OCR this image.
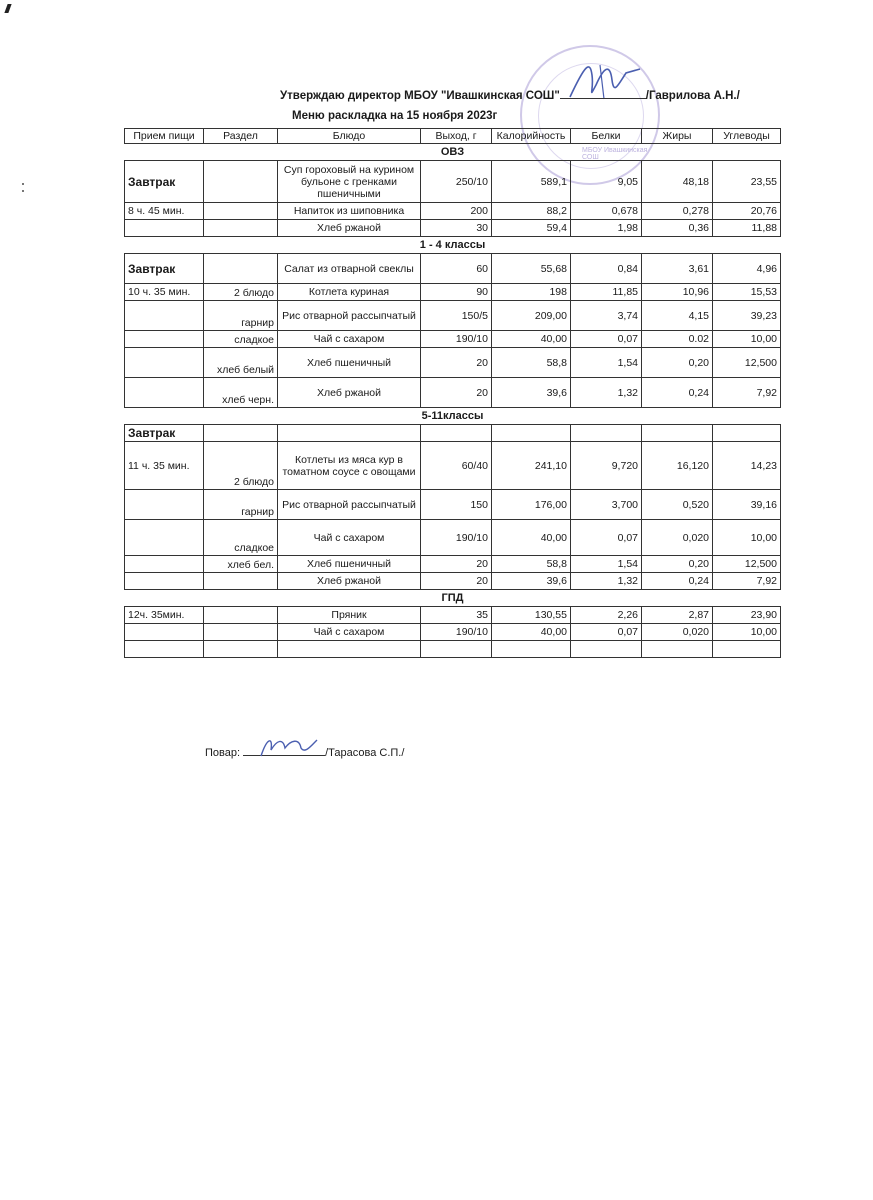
МБОУ Ивашкинская СОШ
Утверждаю директор МБОУ "Ивашкинская СОШ"	/Гаврилова А.Н./
Меню раскладка на 15 ноября 2023г
Прием пищи	Раздел	Блюдо	Выход, г	Калорийность	Белки	Жиры	Углеводы
ОВЗ							
Завтрак		Суп гороховый на курином бульоне с гренками пшеничными	250/10	589,1	9,05	48,18	23,55
8 ч. 45 мин.		Напиток из шиповника	200	88,2	0,678	0,278	20,76
		Хлеб ржаной	30	59,4	1,98	0,36	11,88
1 - 4 классы							
Завтрак		Салат из отварной свеклы	60	55,68	0,84	3,61	4,96
10 ч. 35 мин.	2 блюдо	Котлета куриная	90	198	11,85	10,96	15,53
	гарнир	Рис отварной рассыпчатый	150/5	209,00	3,74	4,15	39,23
	сладкое	Чай с сахаром	190/10	40,00	0,07	0.02	10,00
	хлеб белый	Хлеб пшеничный	20	58,8	1,54	0,20	12,500
	хлеб черн.	Хлеб ржаной	20	39,6	1,32	0,24	7,92
5-11классы							
Завтрак							
11 ч. 35 мин.	2 блюдо	Котлеты из мяса кур в томатном соусе с овощами	60/40	241,10	9,720	16,120	14,23
	гарнир	Рис отварной рассыпчатый	150	176,00	3,700	0,520	39,16
	сладкое	Чай с сахаром	190/10	40,00	0,07	0,020	10,00
	хлеб бел.	Хлеб пшеничный	20	58,8	1,54	0,20	12,500
		Хлеб ржаной	20	39,6	1,32	0,24	7,92
ГПД							
12ч. 35мин.		Пряник	35	130,55	2,26	2,87	23,90
		Чай с сахаром	190/10	40,00	0,07	0,020	10,00

Повар:	/Тарасова С.П./
